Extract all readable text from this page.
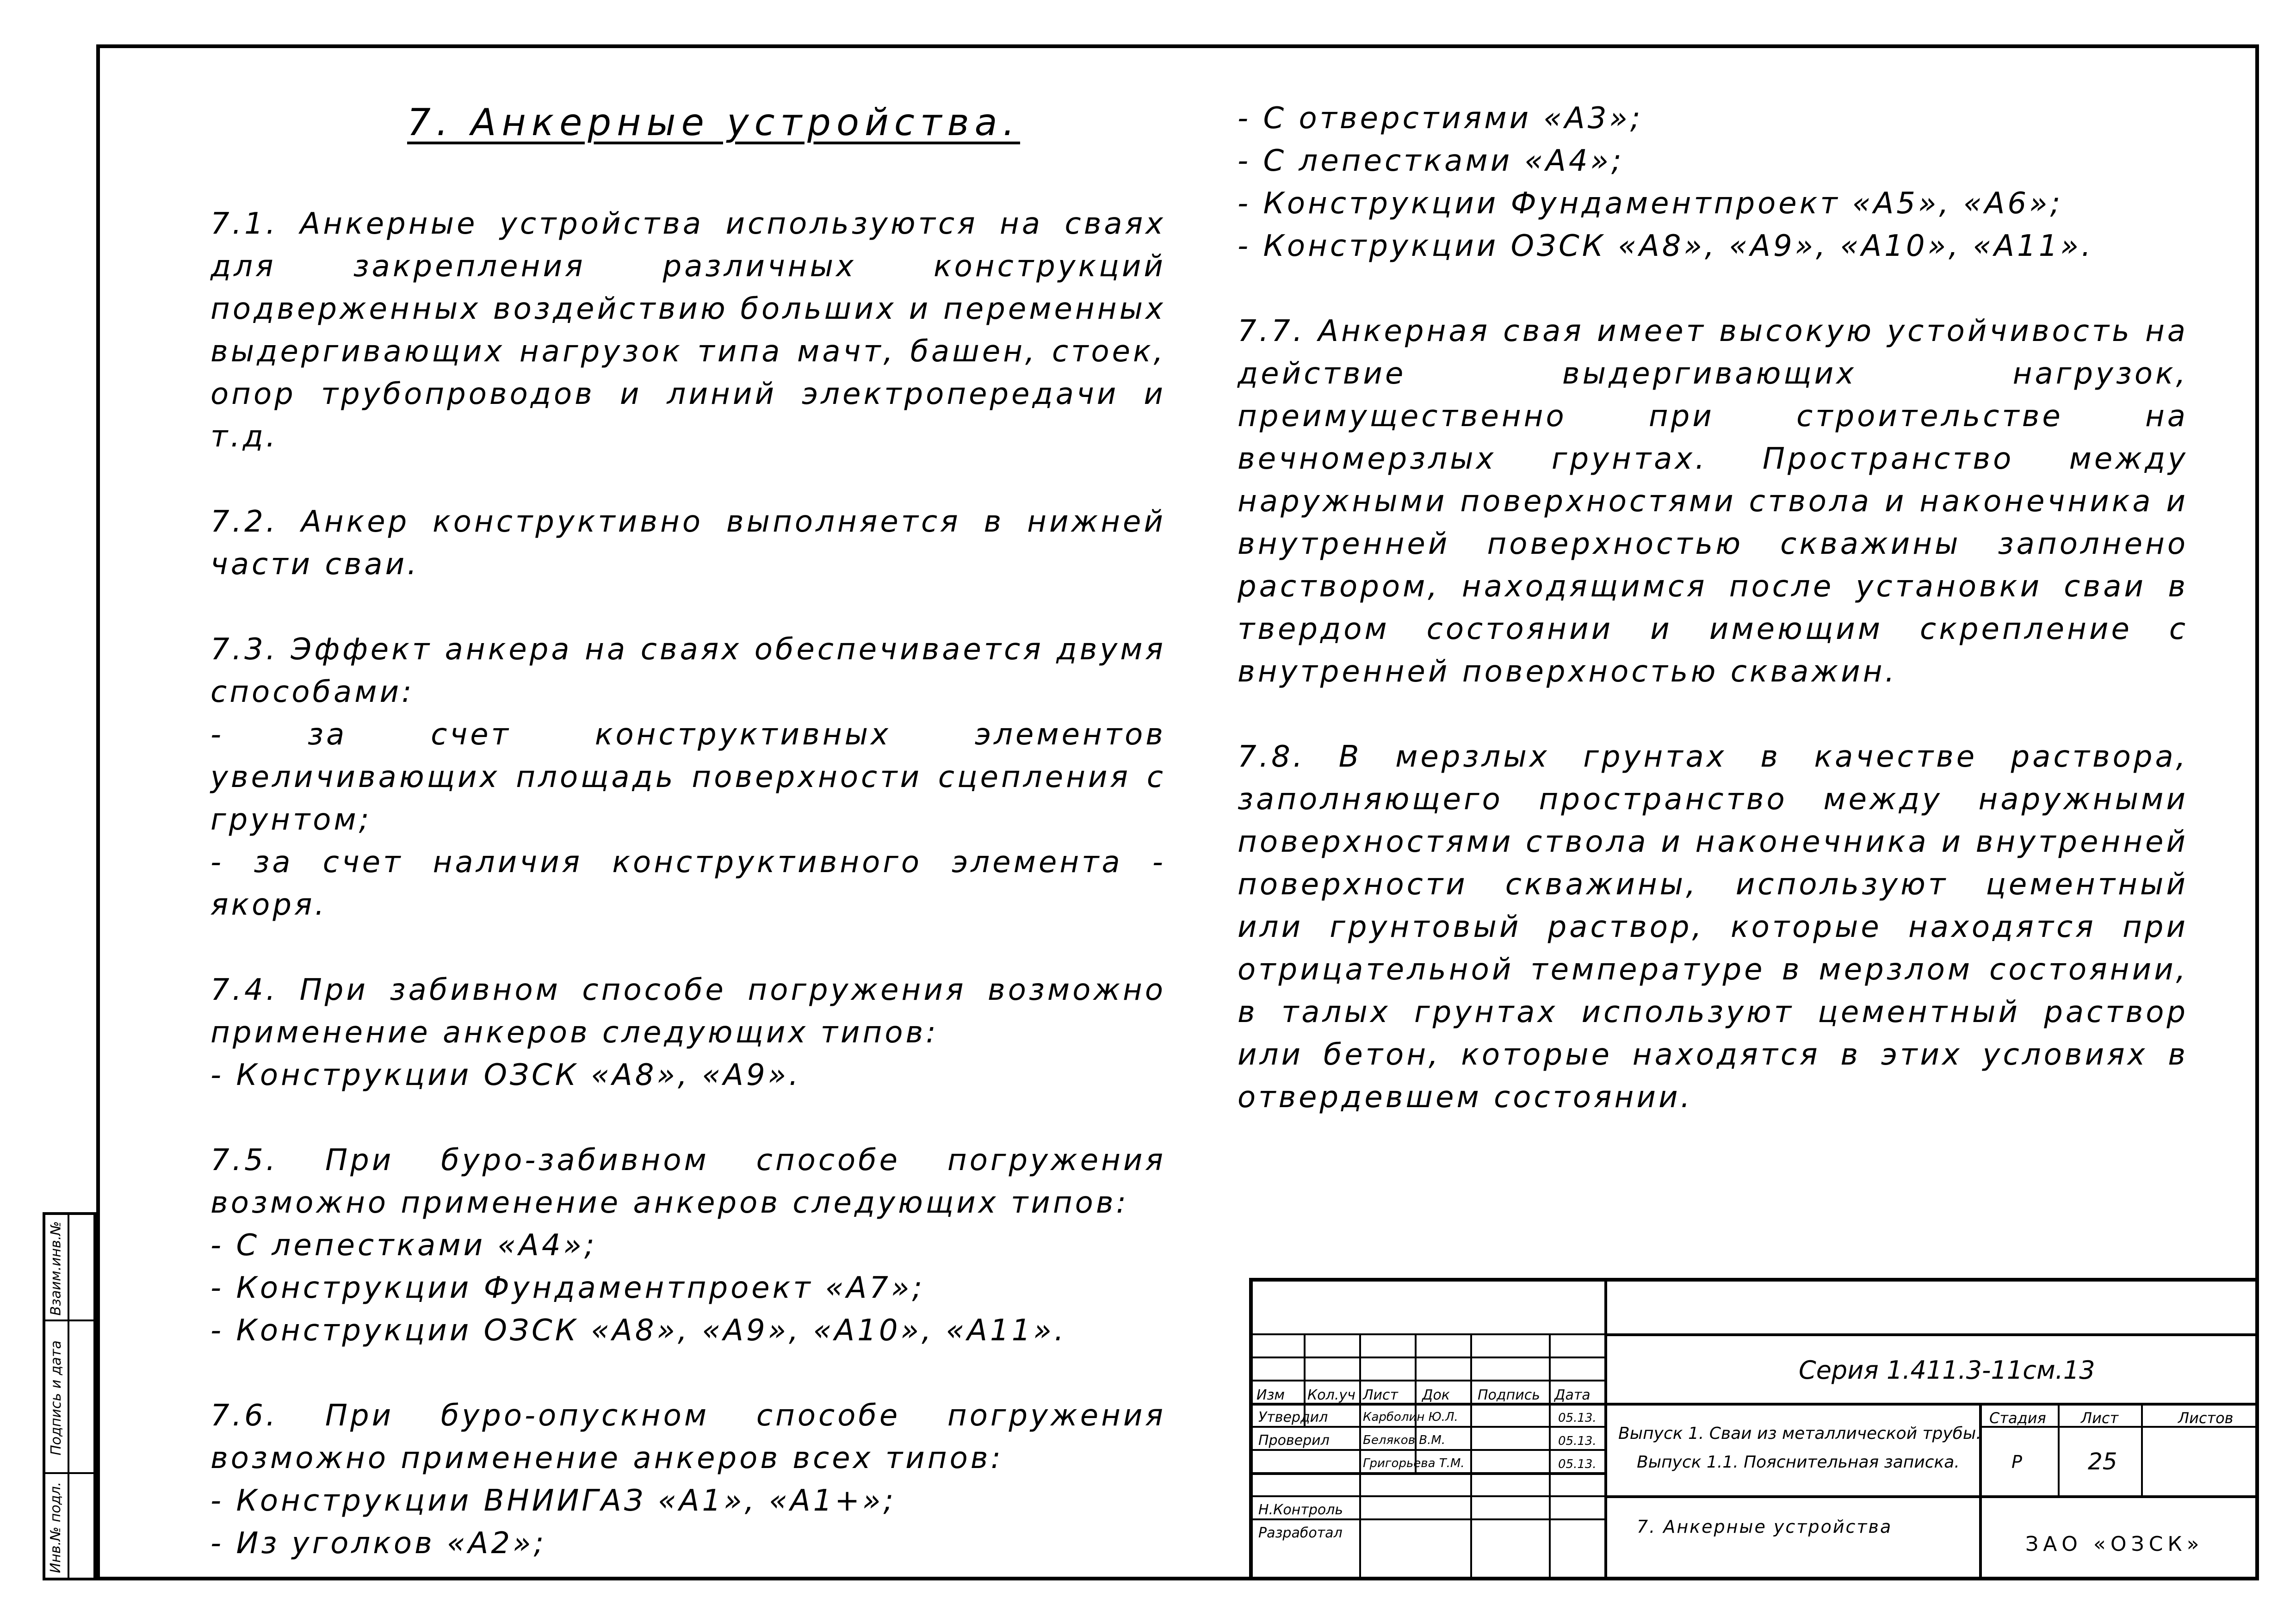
7. Анкерные устройства.

7.1. Анкерные устройства используются на сваях для закрепления различных конструкций подверженных воздействию больших и переменных выдергивающих нагрузок типа мачт, башен, стоек, опор трубопроводов и линий электропередачи и т.д.

7.2. Анкер конструктивно выполняется в нижней части сваи.

7.3. Эффект анкера на сваях обеспечивается двумя способами:

- за счет конструктивных элементов увеличивающих площадь поверхности сцепления с грунтом;

- за счет наличия конструктивного элемента - якоря.

7.4. При забивном способе погружения возможно применение анкеров следующих типов:

- Конструкции ОЗСК «А8», «А9».

7.5. При буро-забивном способе погружения возможно применение анкеров следующих типов:

- С лепестками «А4»;

- Конструкции Фундаментпроект «А7»;

- Конструкции ОЗСК «А8», «А9», «А10», «А11».

7.6. При буро-опускном способе погружения возможно применение анкеров всех типов:

- Конструкции ВНИИГАЗ «А1», «А1+»;

- Из уголков «А2»;

- С отверстиями «А3»;

- С лепестками «А4»;

- Конструкции Фундаментпроект «А5», «А6»;

- Конструкции ОЗСК «А8», «А9», «А10», «А11».

7.7. Анкерная свая имеет высокую устойчивость на действие выдергивающих нагрузок, преимущественно при строительстве на вечномерзлых грунтах. Пространство между наружными поверхностями ствола и наконечника и внутренней поверхностью скважины заполнено раствором, находящимся после установки сваи в твердом состоянии и имеющим скрепление с внутренней поверхностью скважин.

7.8. В мерзлых грунтах в качестве раствора, заполняющего пространство между наружными поверхностями ствола и наконечника и внутренней поверхности скважины, используют цементный или грунтовый раствор, которые находятся при отрицательной температуре в мерзлом состоянии, в талых грунтах используют цементный раствор или бетон, которые находятся в этих условиях в отвердевшем состоянии.

Взаим.инв.№
Подпись и дата
Инв.№ подл.
Серия 1.411.3-11см.13
Изм Кол.уч Лист Док Подпись Дата
Утвердил	Карболин Ю.Л.	05.13.
Проверил	Беляков В.М.	05.13.
Григорьева Т.М.	05.13.
Н.Контроль
Разработал
Выпуск 1. Сваи из металлической трубы.
Выпуск 1.1. Пояснительная записка.
Стадия Лист	Листов
Р	25
7. Анкерные устройства
ЗАО «ОЗСК»
